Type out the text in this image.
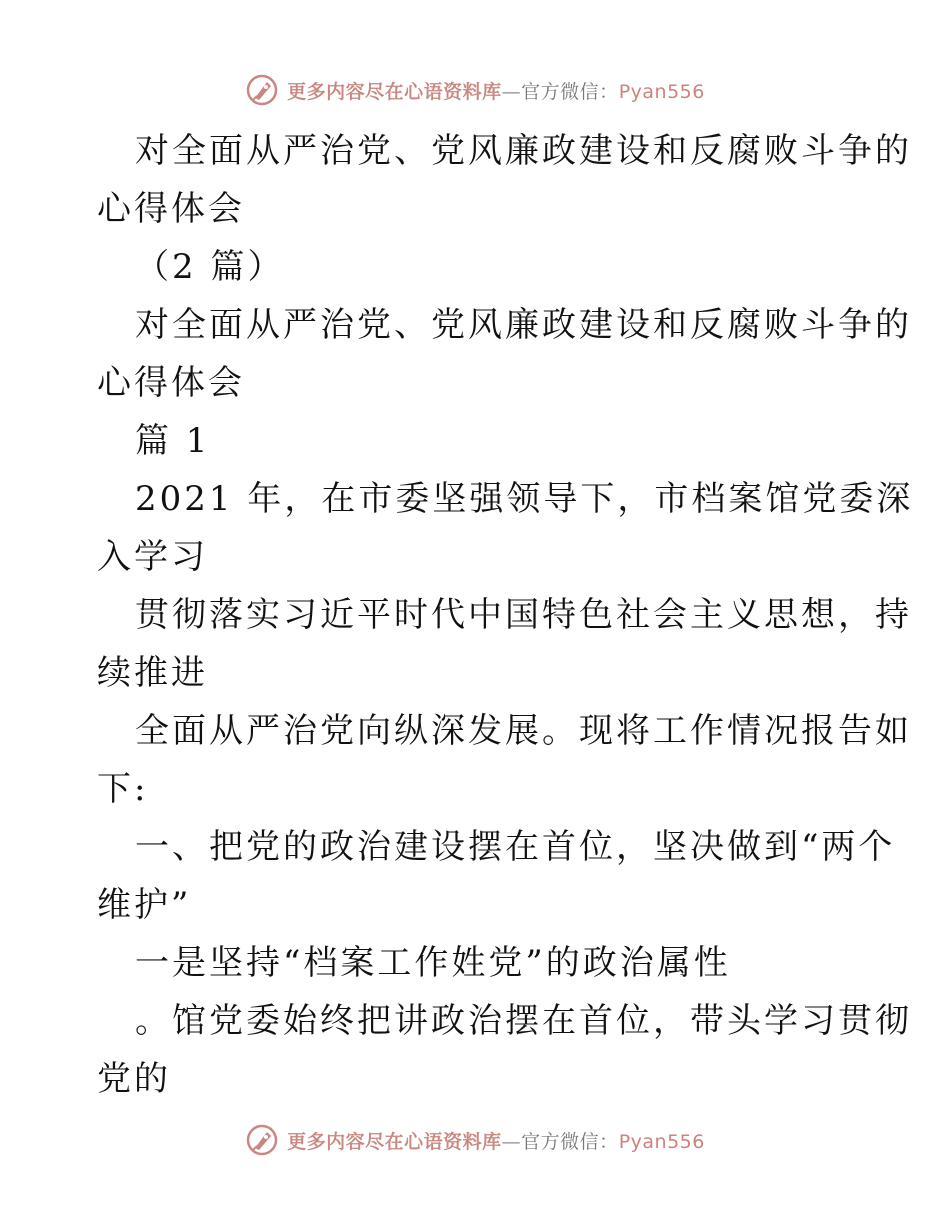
更多内容尽在心语资料库—官方微信：Pyan556
对全面从严治党、党风廉政建设和反腐败斗争的
心得体会
（2 篇）
对全面从严治党、党风廉政建设和反腐败斗争的
心得体会
篇 1
2021 年，在市委坚强领导下，市档案馆党委深
入学习
贯彻落实习近平时代中国特色社会主义思想，持
续推进
全面从严治党向纵深发展。现将工作情况报告如
下:
一、把党的政治建设摆在首位，坚决做到“两个
维护”
一是坚持“档案工作姓党”的政治属性
。馆党委始终把讲政治摆在首位，带头学习贯彻
党的
更多内容尽在心语资料库—官方微信：Pyan556
